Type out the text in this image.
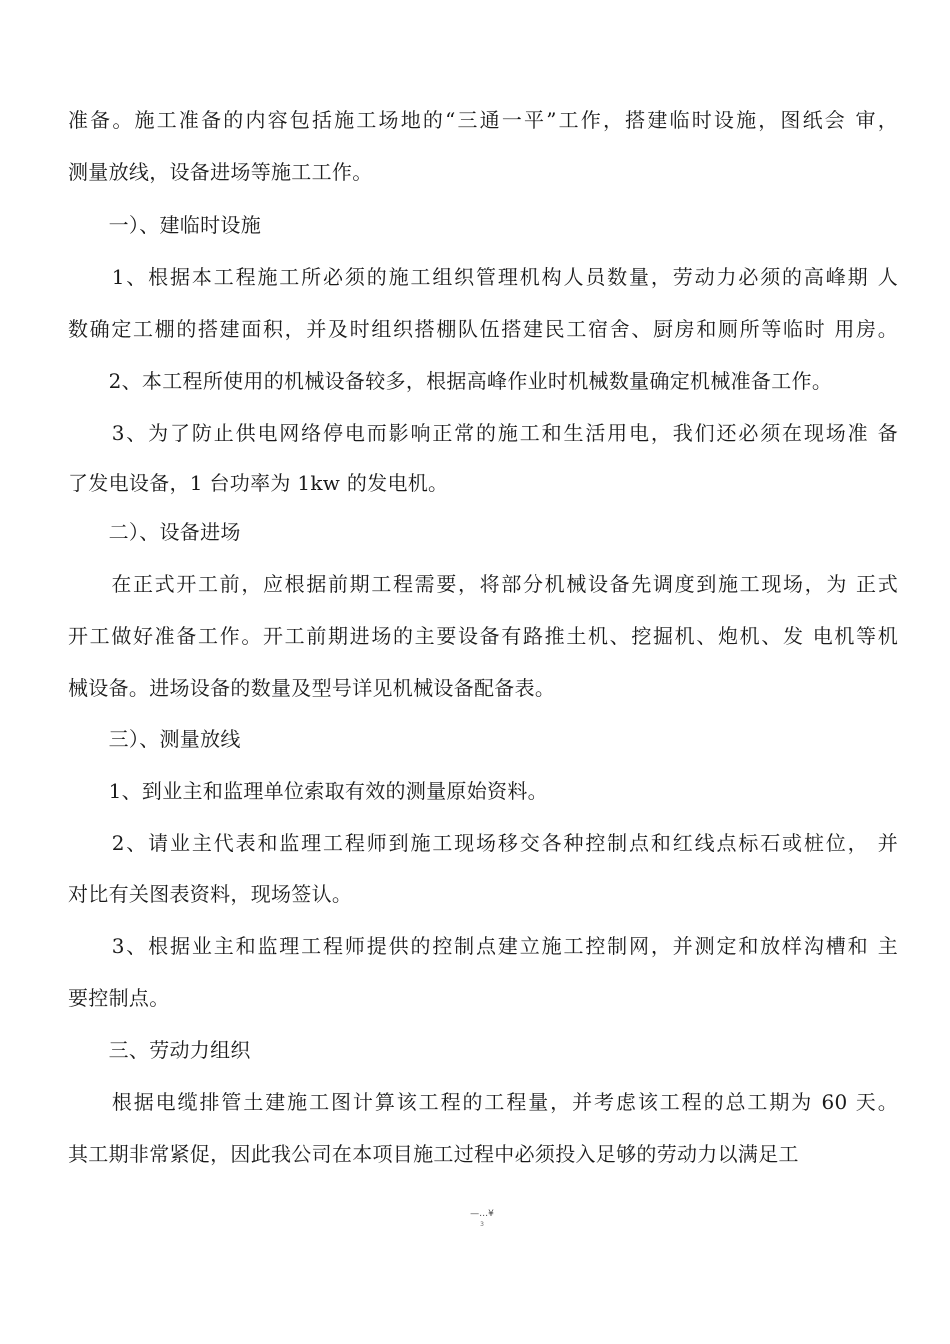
准备。施工准备的内容包括施工场地的“三通一平”工作，搭建临时设施，图纸会 审，
测量放线，设备进场等施工工作。
　　一）、建临时设施
　　1、根据本工程施工所必须的施工组织管理机构人员数量，劳动力必须的高峰期 人
数确定工棚的搭建面积，并及时组织搭棚队伍搭建民工宿舍、厨房和厕所等临时 用房。
　　2、本工程所使用的机械设备较多，根据高峰作业时机械数量确定机械准备工作。
　　3、为了防止供电网络停电而影响正常的施工和生活用电，我们还必须在现场准 备
了发电设备，1 台功率为 1kw 的发电机。
　　二）、设备进场
　　在正式开工前，应根据前期工程需要，将部分机械设备先调度到施工现场，为 正式
开工做好准备工作。开工前期进场的主要设备有路推土机、挖掘机、炮机、发 电机等机
械设备。进场设备的数量及型号详见机械设备配备表。
　　三）、测量放线
　　1、到业主和监理单位索取有效的测量原始资料。
　　2、请业主代表和监理工程师到施工现场移交各种控制点和红线点标石或桩位， 并
对比有关图表资料，现场签认。
　　3、根据业主和监理工程师提供的控制点建立施工控制网，并测定和放样沟槽和 主
要控制点。
　　三、劳动力组织
　　根据电缆排管土建施工图计算该工程的工程量，并考虑该工程的总工期为 60 天。
其工期非常紧促，因此我公司在本项目施工过程中必须投入足够的劳动力以满足工
—…¥
3
